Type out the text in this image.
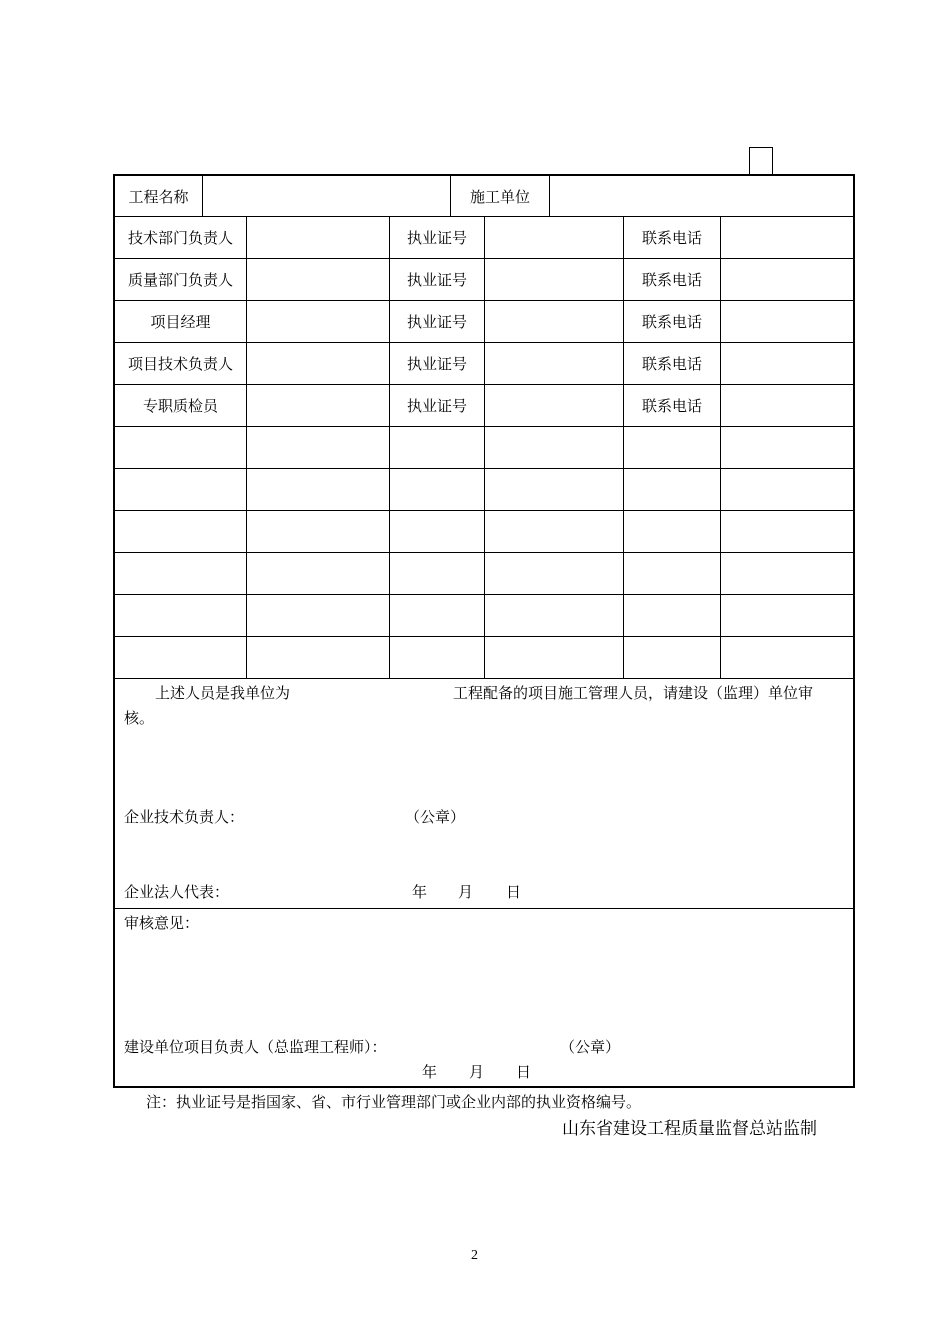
工程名称	施工单位
技术部门负责人	执业证号	联系电话
质量部门负责人	执业证号	联系电话
项目经理	执业证号	联系电话
项目技术负责人	执业证号	联系电话
专职质检员	执业证号	联系电话
上述人员是我单位为	工程配备的项目施工管理人员，请建设（监理）单位审
核。
企业技术负责人：	（公章）
企业法人代表：	年 月 日
审核意见：
建设单位项目负责人（总监理工程师）：	（公章）
年 月 日
注：执业证号是指国家、省、市行业管理部门或企业内部的执业资格编号。
山东省建设工程质量监督总站监制
2
